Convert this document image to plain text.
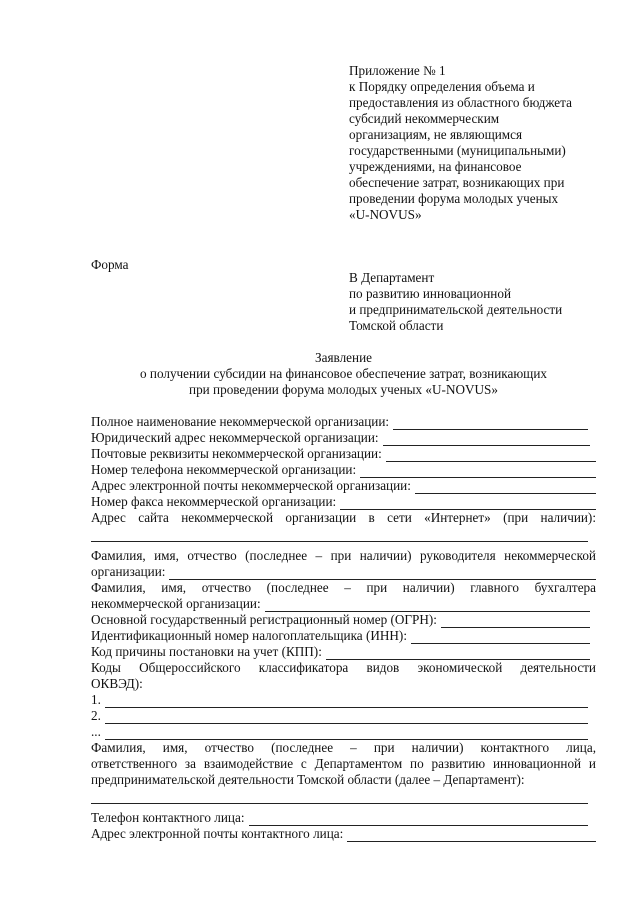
Приложение № 1
к Порядку определения объема и
предоставления из областного бюджета
субсидий некоммерческим
организациям, не являющимся
государственными (муниципальными)
учреждениями, на финансовое
обеспечение затрат, возникающих при
проведении форума молодых ученых
«U-NOVUS»
Форма
В Департамент
по развитию инновационной
и предпринимательской деятельности
Томской области
Заявление
о получении субсидии на финансовое обеспечение затрат, возникающих
при проведении форума молодых ученых «U-NOVUS»
Полное наименование некоммерческой организации:
Юридический адрес некоммерческой организации:
Почтовые реквизиты некоммерческой организации:
Номер телефона некоммерческой организации:
Адрес электронной почты некоммерческой организации:
Номер факса некоммерческой организации:
Адрес сайта некоммерческой организации в сети «Интернет» (при наличии):
Фамилия, имя, отчество (последнее – при наличии) руководителя некоммерческой
организации:
Фамилия, имя, отчество (последнее – при наличии) главного бухгалтера
некоммерческой организации:
Основной государственный регистрационный номер (ОГРН):
Идентификационный номер налогоплательщика (ИНН):
Код причины постановки на учет (КПП):
Коды Общероссийского классификатора видов экономической деятельности
ОКВЭД):
1.
2.
...
Фамилия, имя, отчество (последнее – при наличии) контактного лица,
ответственного за взаимодействие с Департаментом по развитию инновационной и
предпринимательской деятельности Томской области (далее – Департамент):
Телефон контактного лица:
Адрес электронной почты контактного лица:
